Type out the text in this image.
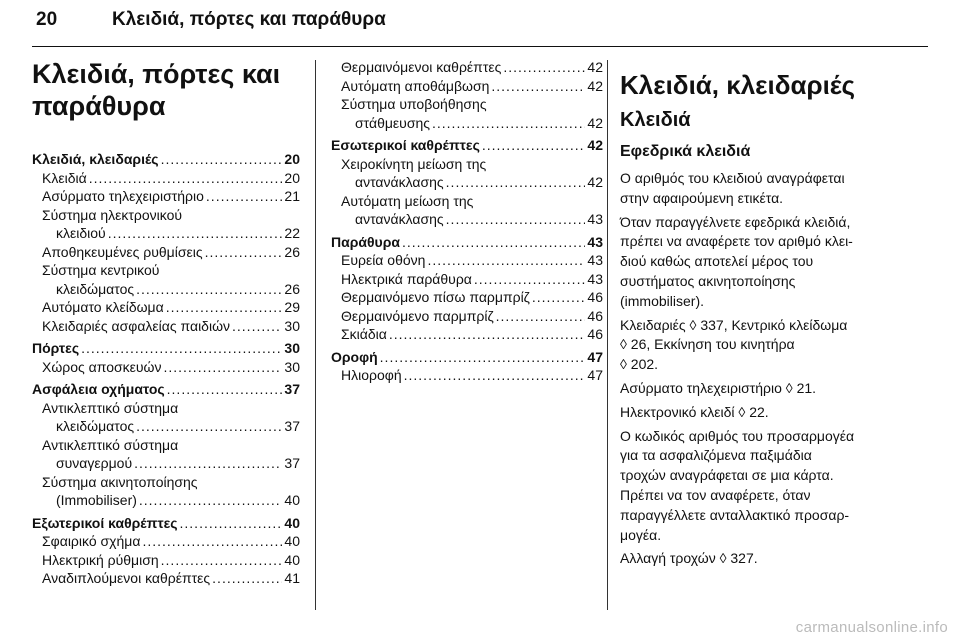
20	Κλειδιά, πόρτες και παράθυρα
Κλειδιά, πόρτες και
παράθυρα
Κλειδιά, κλειδαριές .....	20
Κλειδιά .....	20
Ασύρματο τηλεχειριστήριο .....	21
Σύστημα ηλεκτρονικού
κλειδιού .....	22
Αποθηκευμένες ρυθμίσεις .....	26
Σύστημα κεντρικού
κλειδώματος .....	26
Αυτόματο κλείδωμα .....	29
Κλειδαριές ασφαλείας παιδιών .....	30
Πόρτες .....	30
Χώρος αποσκευών .....	30
Ασφάλεια οχήματος .....	37
Αντικλεπτικό σύστημα
κλειδώματος .....	37
Αντικλεπτικό σύστημα
συναγερμού .....	37
Σύστημα ακινητοποίησης
(Immobiliser) .....	40
Εξωτερικοί καθρέπτες .....	40
Σφαιρικό σχήμα .....	40
Ηλεκτρική ρύθμιση .....	40
Αναδιπλούμενοι καθρέπτες .....	41
Θερμαινόμενοι καθρέπτες .....	42
Αυτόματη αποθάμβωση .....	42
Σύστημα υποβοήθησης
στάθμευσης .....	42
Εσωτερικοί καθρέπτες .....	42
Χειροκίνητη μείωση της
αντανάκλασης .....	42
Αυτόματη μείωση της
αντανάκλασης .....	43
Παράθυρα .....	43
Ευρεία οθόνη .....	43
Ηλεκτρικά παράθυρα .....	43
Θερμαινόμενο πίσω παρμπρίζ .....	46
Θερμαινόμενο παρμπρίζ .....	46
Σκιάδια .....	46
Οροφή .....	47
Ηλιοροφή .....	47
Κλειδιά, κλειδαριές
Κλειδιά
Εφεδρικά κλειδιά

Ο αριθμός του κλειδιού αναγράφεται
στην αφαιρούμενη ετικέτα.

Όταν παραγγέλνετε εφεδρικά κλειδιά,
πρέπει να αναφέρετε τον αριθμό κλει-
διού καθώς αποτελεί μέρος του
συστήματος ακινητοποίησης
(immobiliser).

Κλειδαριές ◊ 337, Κεντρικό κλείδωμα
◊ 26, Εκκίνηση του κινητήρα
◊ 202.

Ασύρματο τηλεχειριστήριο ◊ 21.

Ηλεκτρονικό κλειδί ◊ 22.

Ο κωδικός αριθμός του προσαρμογέα
για τα ασφαλιζόμενα παξιμάδια
τροχών αναγράφεται σε μια κάρτα.
Πρέπει να τον αναφέρετε, όταν
παραγγέλλετε ανταλλακτικό προσαρ-
μογέα.

Αλλαγή τροχών ◊ 327.

carmanualsonline.info
